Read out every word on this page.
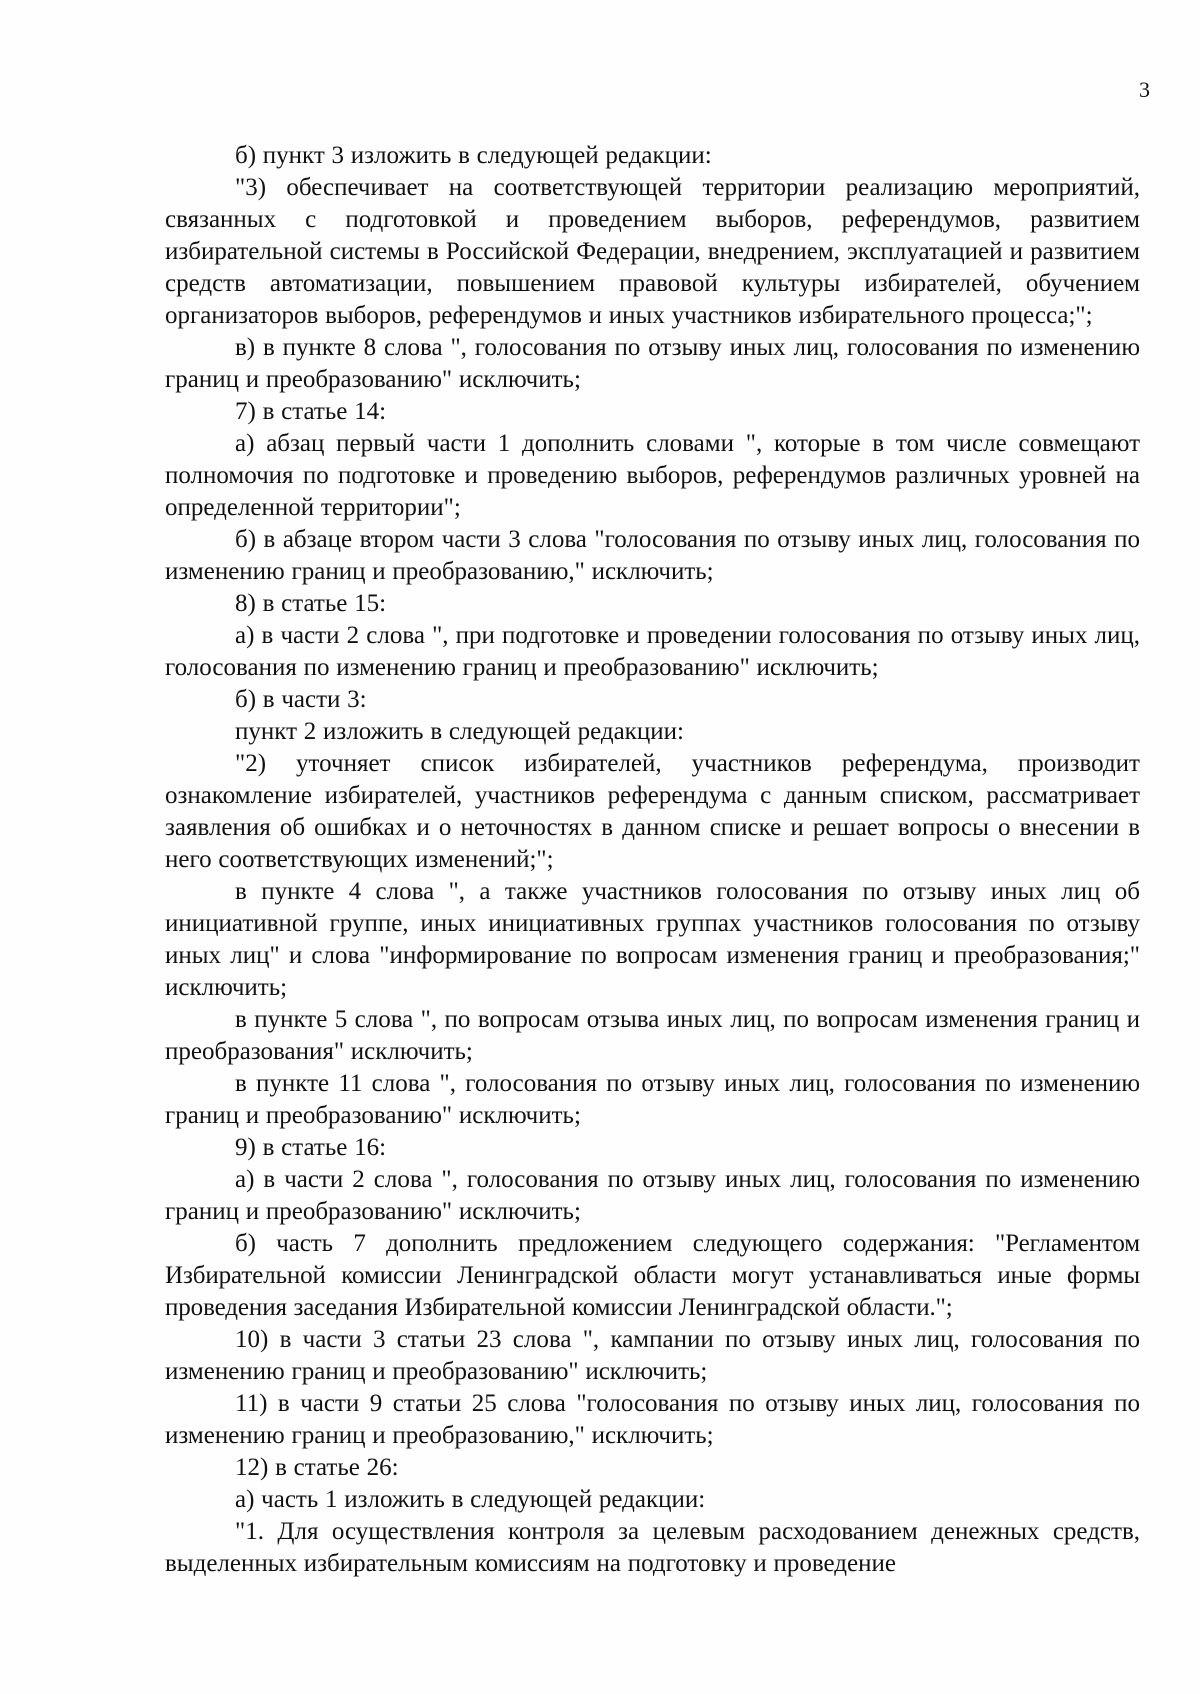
3

б) пункт 3 изложить в следующей редакции:

"3) обеспечивает на соответствующей территории реализацию мероприятий, связанных с подготовкой и проведением выборов, референдумов, развитием избирательной системы в Российской Федерации, внедрением, эксплуатацией и развитием средств автоматизации, повышением правовой культуры избирателей, обучением организаторов выборов, референдумов и иных участников избирательного процесса;";

в) в пункте 8 слова ", голосования по отзыву иных лиц, голосования по изменению границ и преобразованию" исключить;

7) в статье 14:

а) абзац первый части 1 дополнить словами ", которые в том числе совмещают полномочия по подготовке и проведению выборов, референдумов различных уровней на определенной территории";

б) в абзаце втором части 3 слова "голосования по отзыву иных лиц, голосования по изменению границ и преобразованию," исключить;

8) в статье 15:

а) в части 2 слова ", при подготовке и проведении голосования по отзыву иных лиц, голосования по изменению границ и преобразованию" исключить;

б) в части 3:

пункт 2 изложить в следующей редакции:

"2) уточняет список избирателей, участников референдума, производит ознакомление избирателей, участников референдума с данным списком, рассматривает заявления об ошибках и о неточностях в данном списке и решает вопросы о внесении в него соответствующих изменений;";

в пункте 4 слова ", а также участников голосования по отзыву иных лиц об инициативной группе, иных инициативных группах участников голосования по отзыву иных лиц" и слова "информирование по вопросам изменения границ и преобразования;" исключить;

в пункте 5 слова ", по вопросам отзыва иных лиц, по вопросам изменения границ и преобразования" исключить;

в пункте 11 слова ", голосования по отзыву иных лиц, голосования по изменению границ и преобразованию" исключить;

9) в статье 16:

а) в части 2 слова ", голосования по отзыву иных лиц, голосования по изменению границ и преобразованию" исключить;

б) часть 7 дополнить предложением следующего содержания: "Регламентом Избирательной комиссии Ленинградской области могут устанавливаться иные формы проведения заседания Избирательной комиссии Ленинградской области.";

10) в части 3 статьи 23 слова ", кампании по отзыву иных лиц, голосования по изменению границ и преобразованию" исключить;

11) в части 9 статьи 25 слова "голосования по отзыву иных лиц, голосования по изменению границ и преобразованию," исключить;

12) в статье 26:

а) часть 1 изложить в следующей редакции:

"1. Для осуществления контроля за целевым расходованием денежных средств, выделенных избирательным комиссиям на подготовку и проведение
